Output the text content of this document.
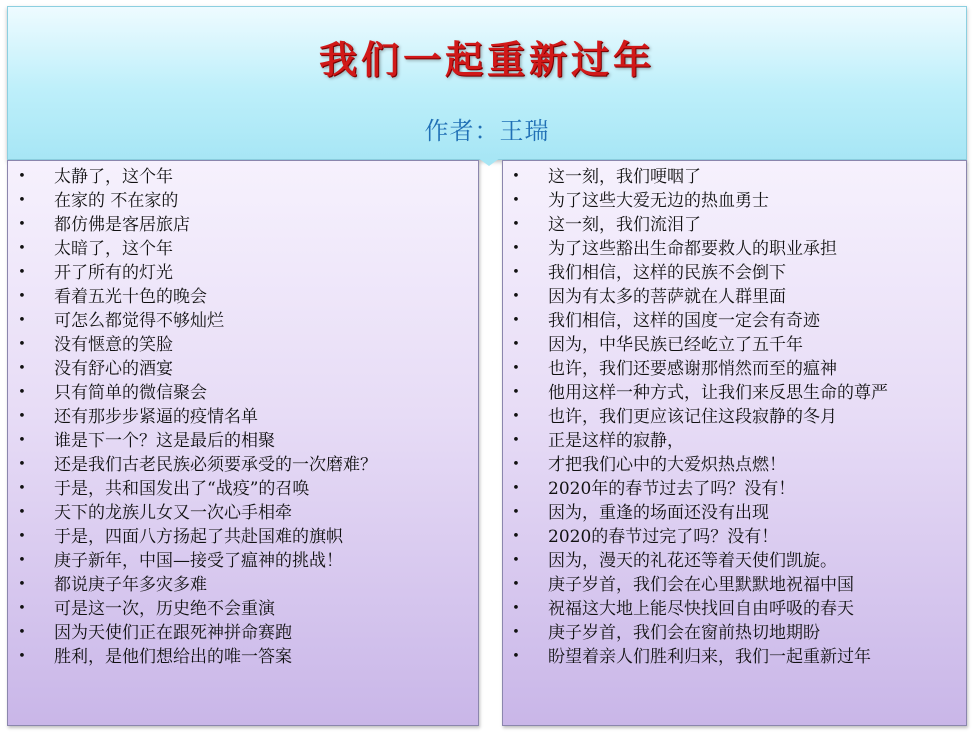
我们一起重新过年
作者：王瑞
• 太静了，这个年
• 在家的 不在家的
• 都仿佛是客居旅店
• 太暗了，这个年
• 开了所有的灯光
• 看着五光十色的晚会
• 可怎么都觉得不够灿烂
• 没有惬意的笑脸
• 没有舒心的酒宴
• 只有简单的微信聚会
• 还有那步步紧逼的疫情名单
• 谁是下一个？这是最后的相聚
• 还是我们古老民族必须要承受的一次磨难？
• 于是，共和国发出了“战疫”的召唤
• 天下的龙族儿女又一次心手相牵
• 于是，四面八方扬起了共赴国难的旗帜
• 庚子新年，中国—接受了瘟神的挑战！
• 都说庚子年多灾多难
• 可是这一次，历史绝不会重演
• 因为天使们正在跟死神拼命赛跑
• 胜利，是他们想给出的唯一答案
• 这一刻，我们哽咽了
• 为了这些大爱无边的热血勇士
• 这一刻，我们流泪了
• 为了这些豁出生命都要救人的职业承担
• 我们相信，这样的民族不会倒下
• 因为有太多的菩萨就在人群里面
• 我们相信，这样的国度一定会有奇迹
• 因为，中华民族已经屹立了五千年
• 也许，我们还要感谢那悄然而至的瘟神
• 他用这样一种方式，让我们来反思生命的尊严
• 也许，我们更应该记住这段寂静的冬月
• 正是这样的寂静，
• 才把我们心中的大爱炽热点燃！
• 2020年的春节过去了吗？没有！
• 因为，重逢的场面还没有出现
• 2020的春节过完了吗？没有！
• 因为，漫天的礼花还等着天使们凯旋。
• 庚子岁首，我们会在心里默默地祝福中国
• 祝福这大地上能尽快找回自由呼吸的春天
• 庚子岁首，我们会在窗前热切地期盼
• 盼望着亲人们胜利归来，我们一起重新过年
